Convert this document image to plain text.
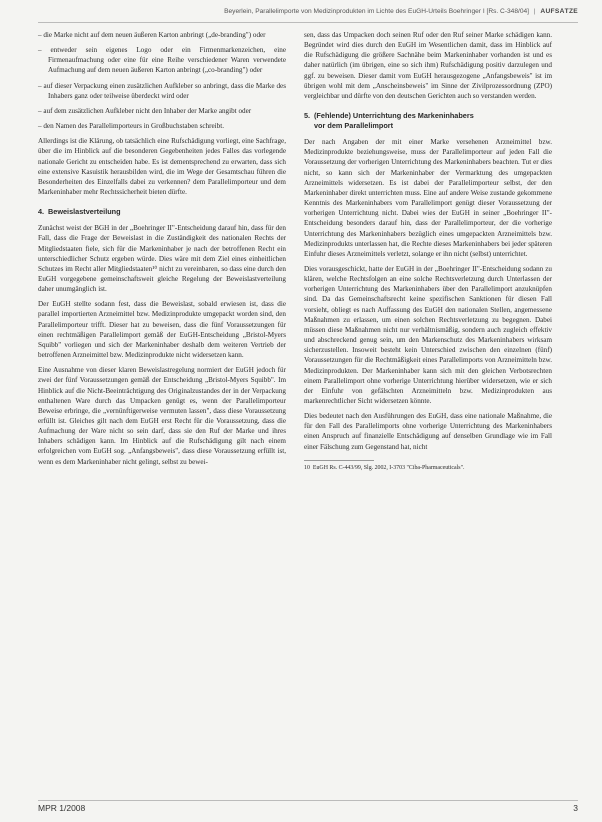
Beyerlein, Parallelimporte von Medizinprodukten im Lichte des EuGH-Urteils Boehringer I [Rs. C-348/04] | AUFSÄTZE

– die Marke nicht auf dem neuen äußeren Karton anbringt („de-branding") oder

– entweder sein eigenes Logo oder ein Firmenmarkenzeichen, eine Firmenaufmachung oder eine für eine Reihe verschiedener Waren verwendete Aufmachung auf dem neuen äußeren Karton anbringt („co-branding") oder

– auf dieser Verpackung einen zusätzlichen Aufkleber so anbringt, dass die Marke des Inhabers ganz oder teilweise überdeckt wird oder

– auf dem zusätzlichen Aufkleber nicht den Inhaber der Marke angibt oder

– den Namen des Parallelimporteurs in Großbuchstaben schreibt.

Allerdings ist die Klärung, ob tatsächlich eine Rufschädigung vorliegt, eine Sachfrage, über die im Hinblick auf die besonderen Gegebenheiten jedes Falles das vorlegende nationale Gericht zu entscheiden habe. Es ist dementsprechend zu erwarten, dass sich eine extensive Kasuistik herausbilden wird, die im Wege der Gesamtschau führen die Besonderheiten des Einzelfalls dabei zu verkennen? dem Parallelimporteur und dem Markeninhaber mehr Rechtssicherheit bieten dürfte.

4. Beweislastverteilung

Zunächst weist der BGH in der „Boehringer II"-Entscheidung darauf hin, dass für den Fall, dass die Frage der Beweislast in die Zuständigkeit des nationalen Rechts der Mitgliedstaaten fiele, sich für die Markeninhaber je nach der betroffenen Recht ein unterschiedlicher Schutz ergeben würde. Dies wäre mit dem Ziel eines einheitlichen Schutzes im Recht aller Mitgliedstaaten¹⁰ nicht zu vereinbaren, so dass eine durch den EuGH vorgegebene gemeinschaftsweit gleiche Regelung der Beweislastverteilung daher unumgänglich ist.

Der EuGH stellte sodann fest, dass die Beweislast, sobald erwiesen ist, dass die parallel importierten Arzneimittel bzw. Medizinprodukte umgepackt worden sind, den Parallelimporteur trifft. Dieser hat zu beweisen, dass die fünf Voraussetzungen für einen rechtmäßigen Parallelimport gemäß der EuGH-Entscheidung „Bristol-Myers Squibb" vorliegen und sich der Markeninhaber deshalb dem weiteren Vertrieb der betroffenen Arzneimittel bzw. Medizinprodukte nicht widersetzen kann.

Eine Ausnahme von dieser klaren Beweislastregelung normiert der EuGH jedoch für zwei der fünf Voraussetzungen gemäß der Entscheidung „Bristol-Myers Squibb". Im Hinblick auf die Nicht-Beeinträchtigung des Originalzustandes der in der Verpackung enthaltenen Ware durch das Umpacken genügt es, wenn der Parallelimporteur Beweise erbringe, die „vernünftigerweise vermuten lassen", dass diese Voraussetzung erfüllt ist. Gleiches gilt nach dem EuGH erst Recht für die Voraussetzung, dass die Aufmachung der Ware nicht so sein darf, dass sie den Ruf der Marke und ihres Inhabers schädigen kann. Im Hinblick auf die Rufschädigung gilt nach einem erfolgreichen vom EuGH sog. „Anfangsbeweis", dass diese Voraussetzung erfüllt ist, wenn es dem Markeninhaber nicht gelingt, selbst zu bewei-

sen, dass das Umpacken doch seinen Ruf oder den Ruf seiner Marke schädigen kann. Begründet wird dies durch den EuGH im Wesentlichen damit, dass im Hinblick auf die Rufschädigung die größere Sachnähe beim Markeninhaber vorhanden ist und es daher natürlich (im übrigen, eine so sich ihm) Rufschädigung positiv darzulegen und ggf. zu beweisen. Dieser damit vom EuGH herausgezogene „Anfangsbeweis" ist im übrigen wohl mit dem „Anscheinsbeweis" im Sinne der Zivilprozessordnung (ZPO) vergleichbar und dürfte von den deutschen Gerichten auch so verstanden werden.

5. (Fehlende) Unterrichtung des Markeninhabers
vor dem Parallelimport

Der nach Angaben der mit einer Marke versehenen Arzneimittel bzw. Medizinprodukte beziehungsweise, muss der Parallelimporteur auf jeden Fall die Voraussetzung der vorherigen Unterrichtung des Markeninhabers beachten. Tut er dies nicht, so kann sich der Markeninhaber der Vermarktung des umgepackten Arzneimittels widersetzen. Es ist dabei der Parallelimporteur selbst, der den Markeninhaber direkt unterrichten muss. Eine auf andere Weise zustande gekommene Kenntnis des Markeninhabers vom Parallelimport genügt dieser Voraussetzung der vorherigen Unterrichtung nicht. Dabei wies der EuGH in seiner „Boehringer II"-Entscheidung besonders darauf hin, dass der Parallelimporteur, der die vorherige Unterrichtung des Markeninhabers bezüglich eines umgepackten Arzneimittels bzw. Medizinprodukts unterlassen hat, die Rechte dieses Markeninhabers bei jeder späteren Einfuhr dieses Arzneimittels verletzt, solange er ihn nicht (selbst) unterrichtet.

Dies vorausgeschickt, hatte der EuGH in der „Boehringer II"-Entscheidung sodann zu klären, welche Rechtsfolgen an eine solche Rechtsverletzung durch Unterlassen der vorherigen Unterrichtung des Markeninhabers über den Parallelimport anzuknüpfen sind. Da das Gemeinschaftsrecht keine spezifischen Sanktionen für diesen Fall vorsieht, obliegt es nach Auffassung des EuGH den nationalen Stellen, angemessene Maßnahmen zu erlassen, um einen solchen Rechtsverletzung zu begegnen. Dabei müssen diese Maßnahmen nicht nur verhältnismäßig, sondern auch zugleich effektiv und abschreckend genug sein, um den Markenschutz des Markeninhabers wirksam sicherzustellen. Insoweit besteht kein Unterschied zwischen den einzelnen (fünf) Voraussetzungen für die Rechtmäßigkeit eines Parallelimports von Arzneimitteln bzw. Medizinprodukten. Der Markeninhaber kann sich mit den gleichen Verbotsrechten einem Parallelimport ohne vorherige Unterrichtung hierüber widersetzen, wie er sich der Einfuhr von gefälschten Arzneimitteln bzw. Medizinprodukten aus markenrechtlicher Sicht widersetzen könnte.

Dies bedeutet nach den Ausführungen des EuGH, dass eine nationale Maßnahme, die für den Fall des Parallelimports ohne vorherige Unterrichtung des Markeninhabers einen Anspruch auf finanzielle Entschädigung auf denselben Grundlage wie im Fall einer Fälschung zum Gegenstand hat, nicht

10 EuGH Rs. C-443/99, Slg. 2002, I-3703 "Ciba-Pharmaceuticals".
MPR 1/2008	3
